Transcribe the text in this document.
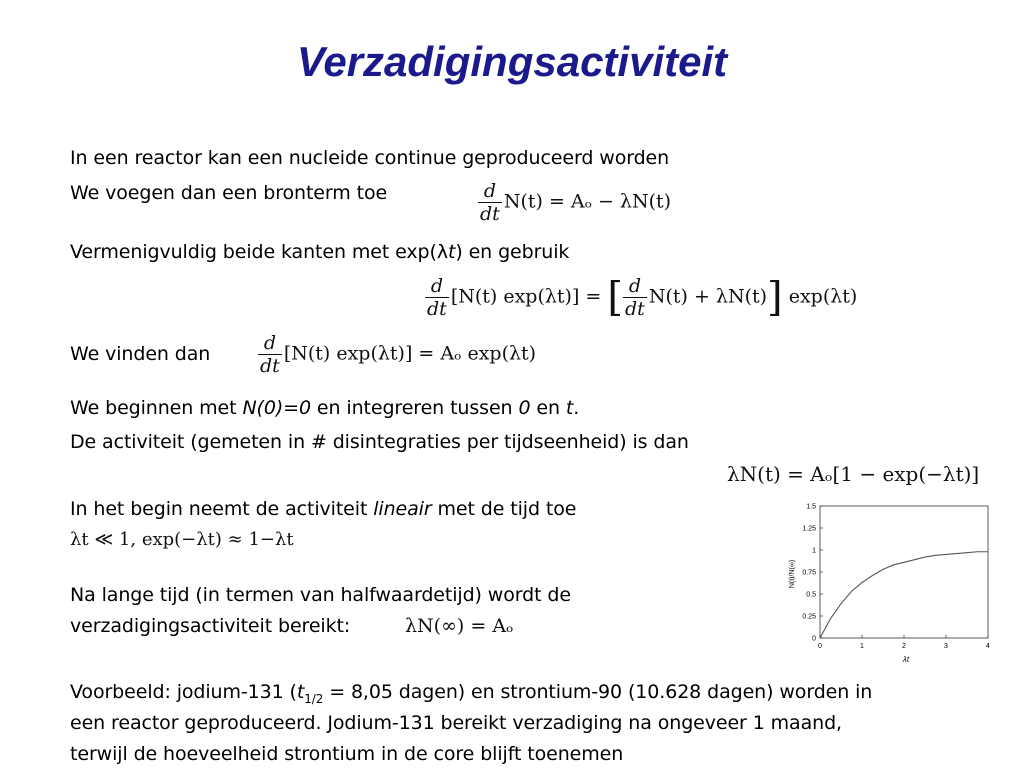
Verzadigingsactiviteit
In een reactor kan een nucleide continue geproduceerd worden
We voegen dan een bronterm toe	$\frac{d}{dt} N(t) = A_o - \lambda N(t)$
Vermenigvuldig beide kanten met exp(λt) en gebruik
$\frac{d}{dt} [N(t) \exp(\lambda t)]$ = [ $\frac{d}{dt} N(t) + \lambda N(t)$] exp(λt)
We vinden dan	$\frac{d}{dt} [N(t) \exp(\lambda t)] = A_o$ exp(λt)
We beginnen met N(0)=0 en integreren tussen 0 en t.
De activiteit (gemeten in # disintegraties per tijdseenheid) is dan
λN(t) = Aₒ[1 − exp(−λt)]
In het begin neemt de activiteit lineair met de tijd toe
λt ≪ 1, exp(−λt) ≈ 1−λt
Na lange tijd (in termen van halfwaardetijd) wordt de
verzadigingsactiviteit bereikt:	λN(∞) = Aₒ
Voorbeeld: jodium-131 ($t_{1/2} = 8,05$ dagen) en strontium-90 (10.628 dagen) worden in
een reactor geproduceerd. Jodium-131 bereikt verzadiging na ongeveer 1 maand,
terwijl de hoeveelheid strontium in de core blijft toenemen
0
0.25
0.5
0.75
1
1.25
1.5
0	1	2	3	4
λt
N(t)/N(∞)
